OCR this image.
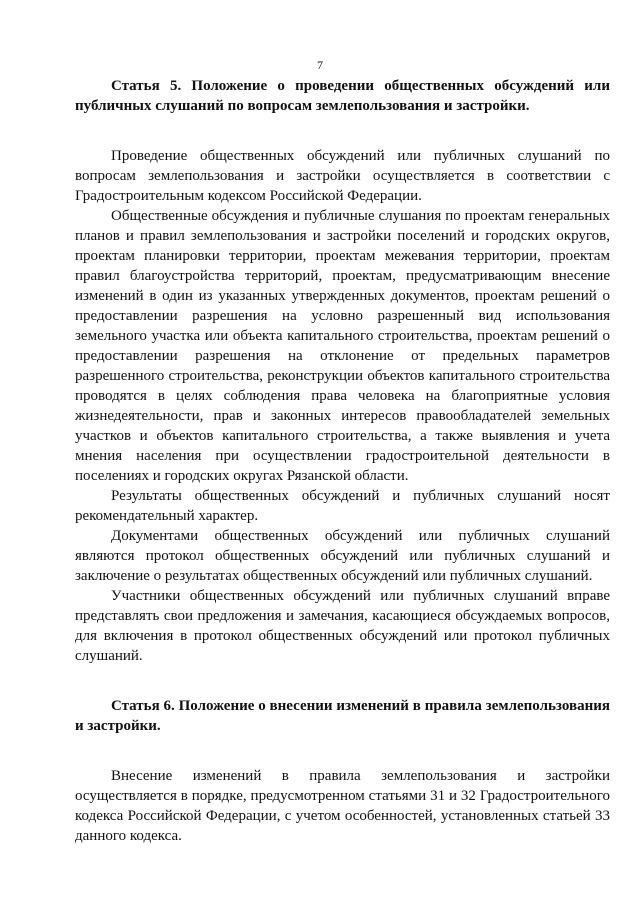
7

Статья 5. Положение о проведении общественных обсуждений или публичных слушаний по вопросам землепользования и застройки.

Проведение общественных обсуждений или публичных слушаний по вопросам землепользования и застройки осуществляется в соответствии с Градостроительным кодексом Российской Федерации.

Общественные обсуждения и публичные слушания по проектам генеральных планов и правил землепользования и застройки поселений и городских округов, проектам планировки территории, проектам межевания территории, проектам правил благоустройства территорий, проектам, предусматривающим внесение изменений в один из указанных утвержденных документов, проектам решений о предоставлении разрешения на условно разрешенный вид использования земельного участка или объекта капитального строительства, проектам решений о предоставлении разрешения на отклонение от предельных параметров разрешенного строительства, реконструкции объектов капитального строительства проводятся в целях соблюдения права человека на благоприятные условия жизнедеятельности, прав и законных интересов правообладателей земельных участков и объектов капитального строительства, а также выявления и учета мнения населения при осуществлении градостроительной деятельности в поселениях и городских округах Рязанской области.

Результаты общественных обсуждений и публичных слушаний носят рекомендательный характер.

Документами общественных обсуждений или публичных слушаний являются протокол общественных обсуждений или публичных слушаний и заключение о результатах общественных обсуждений или публичных слушаний.

Участники общественных обсуждений или публичных слушаний вправе представлять свои предложения и замечания, касающиеся обсуждаемых вопросов, для включения в протокол общественных обсуждений или протокол публичных слушаний.

Статья 6. Положение о внесении изменений в правила землепользования и застройки.

Внесение изменений в правила землепользования и застройки осуществляется в порядке, предусмотренном статьями 31 и 32 Градостроительного кодекса Российской Федерации, с учетом особенностей, установленных статьей 33 данного кодекса.
